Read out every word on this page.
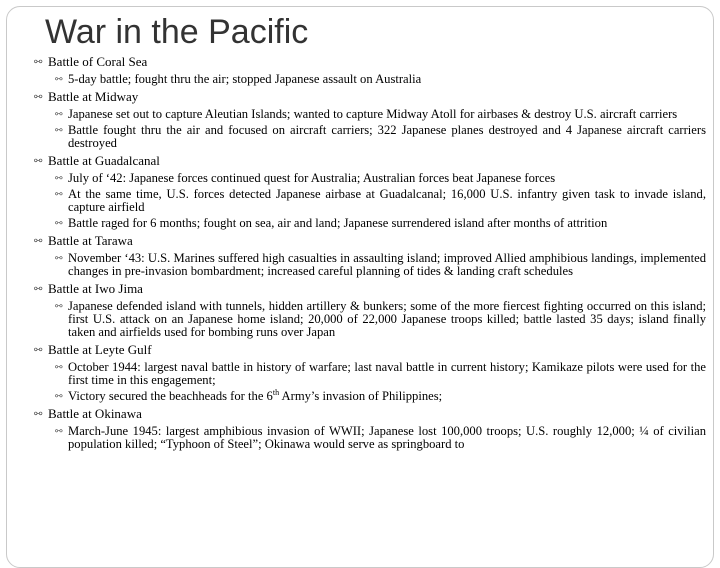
War in the Pacific
⚯ Battle of Coral Sea
⚯ 5-day battle; fought thru the air; stopped Japanese assault on Australia
⚯ Battle at Midway
⚯ Japanese set out to capture Aleutian Islands; wanted to capture Midway Atoll for airbases & destroy U.S. aircraft carriers
⚯ Battle fought thru the air and focused on aircraft carriers; 322 Japanese planes destroyed and 4 Japanese aircraft carriers destroyed
⚯ Battle at Guadalcanal
⚯ July of ‘42: Japanese forces continued quest for Australia; Australian forces beat Japanese forces
⚯ At the same time, U.S. forces detected Japanese airbase at Guadalcanal; 16,000 U.S. infantry given task to invade island, capture airfield
⚯ Battle raged for 6 months; fought on sea, air and land; Japanese surrendered island after months of attrition
⚯ Battle at Tarawa
⚯ November ‘43: U.S. Marines suffered high casualties in assaulting island; improved Allied amphibious landings, implemented changes in pre-invasion bombardment; increased careful planning of tides & landing craft schedules
⚯ Battle at Iwo Jima
⚯ Japanese defended island with tunnels, hidden artillery & bunkers; some of the more fiercest fighting occurred on this island; first U.S. attack on an Japanese home island; 20,000 of 22,000 Japanese troops killed; battle lasted 35 days; island finally taken and airfields used for bombing runs over Japan
⚯ Battle at Leyte Gulf
⚯ October 1944: largest naval battle in history of warfare; last naval battle in current history; Kamikaze pilots were used for the first time in this engagement;
⚯ Victory secured the beachheads for the 6th Army’s invasion of Philippines;
⚯ Battle at Okinawa
⚯ March-June 1945: largest amphibious invasion of WWII; Japanese lost 100,000 troops; U.S. roughly 12,000; ¼ of civilian population killed; “Typhoon of Steel”; Okinawa would serve as springboard to
